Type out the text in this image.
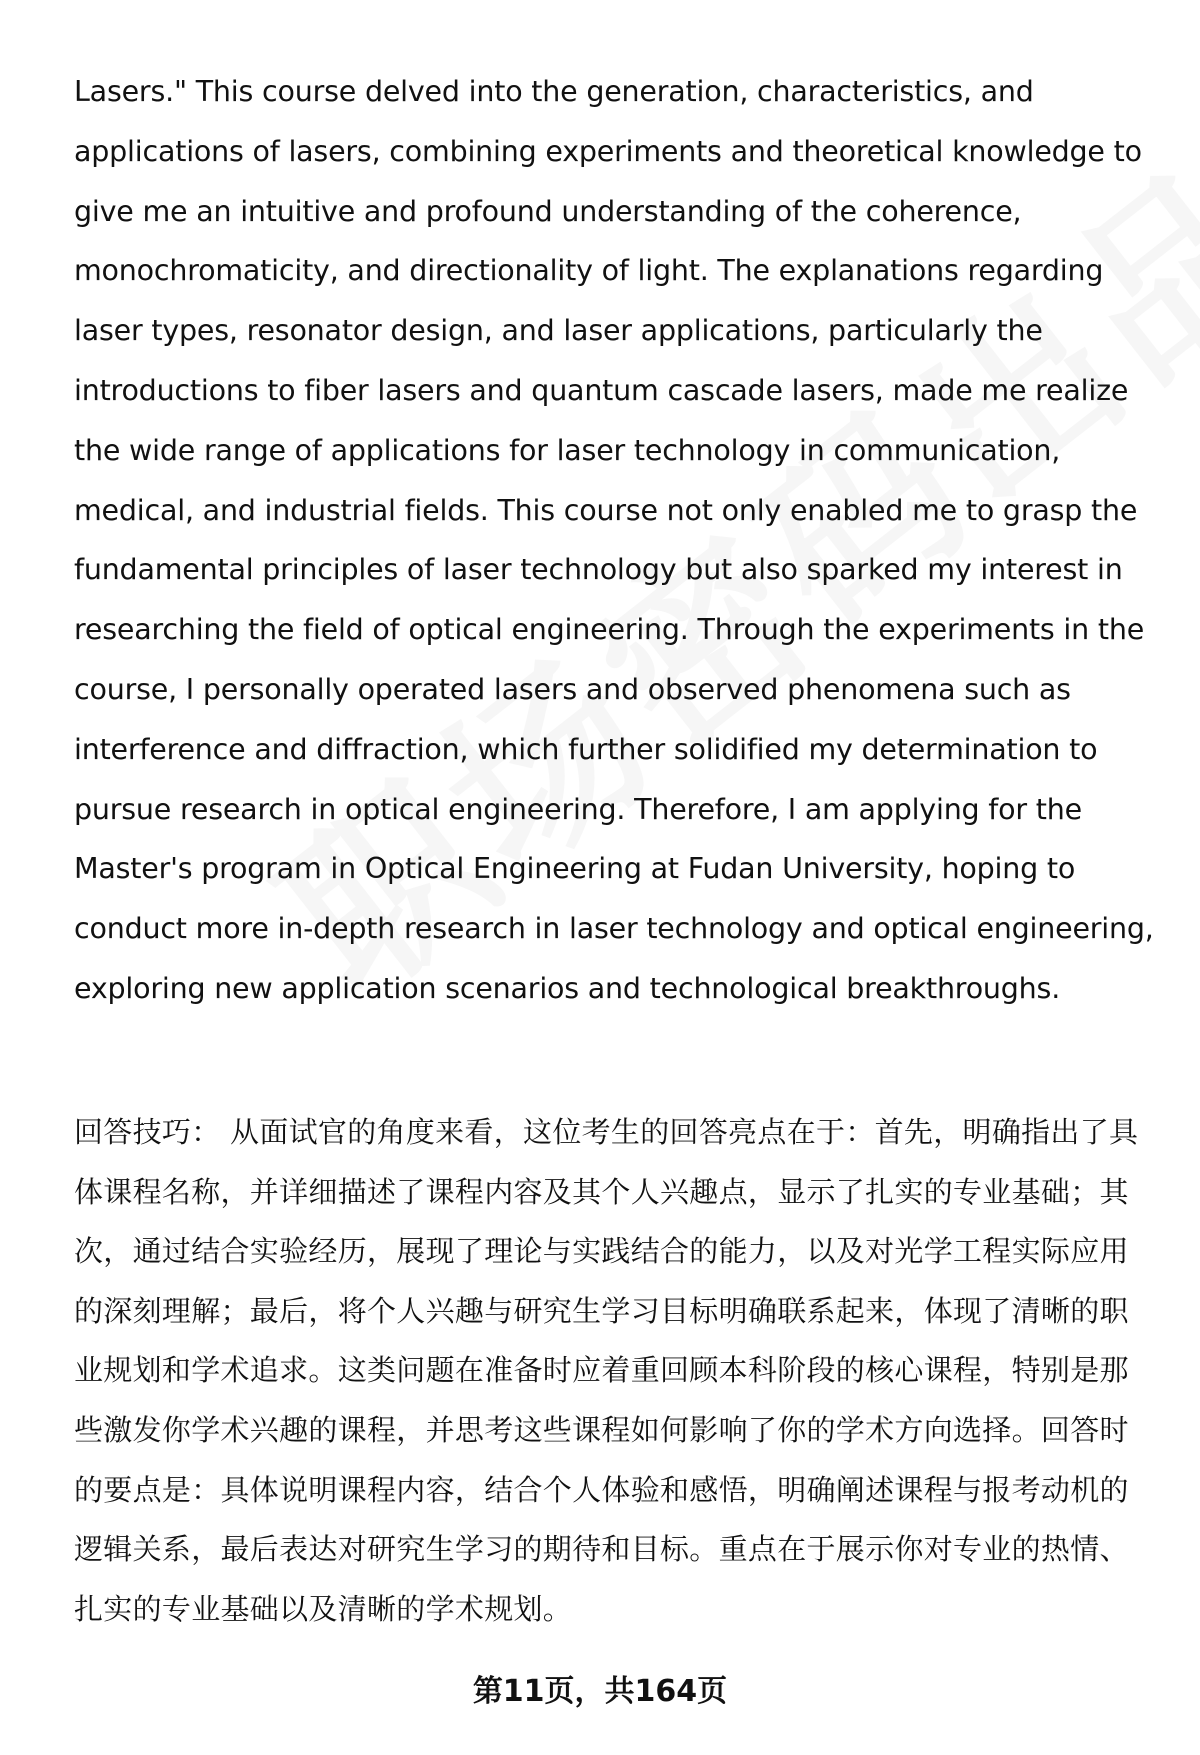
Lasers." This course delved into the generation, characteristics, and applications of lasers, combining experiments and theoretical knowledge to give me an intuitive and profound understanding of the coherence, monochromaticity, and directionality of light. The explanations regarding laser types, resonator design, and laser applications, particularly the introductions to fiber lasers and quantum cascade lasers, made me realize the wide range of applications for laser technology in communication, medical, and industrial fields. This course not only enabled me to grasp the fundamental principles of laser technology but also sparked my interest in researching the field of optical engineering. Through the experiments in the course, I personally operated lasers and observed phenomena such as interference and diffraction, which further solidified my determination to pursue research in optical engineering. Therefore, I am applying for the Master's program in Optical Engineering at Fudan University, hoping to conduct more in-depth research in laser technology and optical engineering, exploring new application scenarios and technological breakthroughs.

回答技巧： 从面试官的角度来看，这位考生的回答亮点在于：首先，明确指出了具体课程名称，并详细描述了课程内容及其个人兴趣点，显示了扎实的专业基础；其次，通过结合实验经历，展现了理论与实践结合的能力，以及对光学工程实际应用的深刻理解；最后，将个人兴趣与研究生学习目标明确联系起来，体现了清晰的职业规划和学术追求。这类问题在准备时应着重回顾本科阶段的核心课程，特别是那些激发你学术兴趣的课程，并思考这些课程如何影响了你的学术方向选择。回答时的要点是：具体说明课程内容，结合个人体验和感悟，明确阐述课程与报考动机的逻辑关系，最后表达对研究生学习的期待和目标。重点在于展示你对专业的热情、扎实的专业基础以及清晰的学术规划。

第11页，共164页
